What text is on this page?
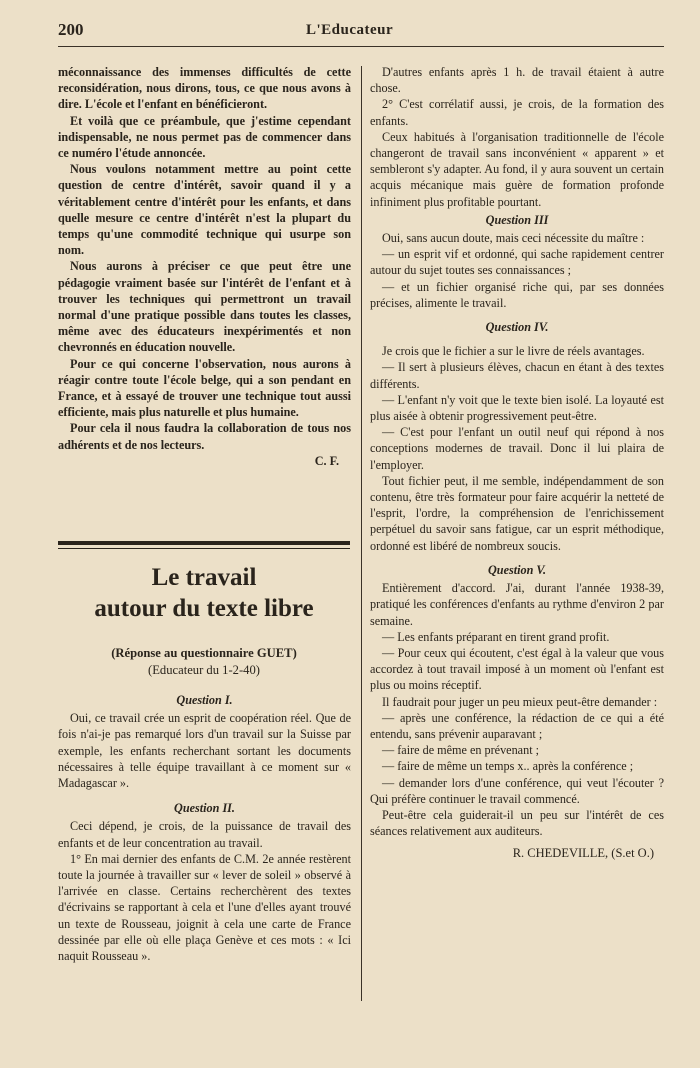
200	L'Educateur

méconnaissance des immenses difficultés de cette reconsidération, nous dirons, tous, ce que nous avons à dire. L'école et l'enfant en bénéficieront.

Et voilà que ce préambule, que j'estime cependant indispensable, ne nous permet pas de commencer dans ce numéro l'étude annoncée.

Nous voulons notamment mettre au point cette question de centre d'intérêt, savoir quand il y a véritablement centre d'intérêt pour les enfants, et dans quelle mesure ce centre d'intérêt n'est la plupart du temps qu'une commodité technique qui usurpe son nom.

Nous aurons à préciser ce que peut être une pédagogie vraiment basée sur l'intérêt de l'enfant et à trouver les techniques qui permettront un travail normal d'une pratique possible dans toutes les classes, même avec des éducateurs inexpérimentés et non chevronnés en éducation nouvelle.

Pour ce qui concerne l'observation, nous aurons à réagir contre toute l'école belge, qui a son pendant en France, et à essayé de trouver une technique tout aussi efficiente, mais plus naturelle et plus humaine.

Pour cela il nous faudra la collaboration de tous nos adhérents et de nos lecteurs.

C. F.
Le travail
autour du texte libre
(Réponse au questionnaire GUET)
(Educateur du 1-2-40)
Question I.

Oui, ce travail crée un esprit de coopération réel. Que de fois n'ai-je pas remarqué lors d'un travail sur la Suisse par exemple, les enfants recherchant sortant les documents nécessaires à telle équipe travaillant à ce moment sur « Madagascar ».

Question II.

Ceci dépend, je crois, de la puissance de travail des enfants et de leur concentration au travail.

1° En mai dernier des enfants de C.M. 2e année restèrent toute la journée à travailler sur « lever de soleil » observé à l'arrivée en classe. Certains recherchèrent des textes d'écrivains se rapportant à cela et l'une d'elles ayant trouvé un texte de Rousseau, joignit à cela une carte de France dessinée par elle où elle plaça Genève et ces mots : « Ici naquit Rousseau ».

D'autres enfants après 1 h. de travail étaient à autre chose.

2° C'est corrélatif aussi, je crois, de la formation des enfants.

Ceux habitués à l'organisation traditionnelle de l'école changeront de travail sans inconvénient « apparent » et sembleront s'y adapter. Au fond, il y aura souvent un certain acquis mécanique mais guère de formation profonde infiniment plus profitable pourtant.

Question III

Oui, sans aucun doute, mais ceci nécessite du maître :

— un esprit vif et ordonné, qui sache rapidement centrer autour du sujet toutes ses connaissances ;

— et un fichier organisé riche qui, par ses données précises, alimente le travail.

Question IV.

Je crois que le fichier a sur le livre de réels avantages.

— Il sert à plusieurs élèves, chacun en étant à des textes différents.

— L'enfant n'y voit que le texte bien isolé. La loyauté est plus aisée à obtenir progressivement peut-être.

— C'est pour l'enfant un outil neuf qui répond à nos conceptions modernes de travail. Donc il lui plaira de l'employer.

Tout fichier peut, il me semble, indépendamment de son contenu, être très formateur pour faire acquérir la netteté de l'esprit, l'ordre, la compréhension de l'enrichissement perpétuel du savoir sans fatigue, car un esprit méthodique, ordonné est libéré de nombreux soucis.

Question V.

Entièrement d'accord. J'ai, durant l'année 1938-39, pratiqué les conférences d'enfants au rythme d'environ 2 par semaine.

— Les enfants préparant en tirent grand profit.

— Pour ceux qui écoutent, c'est égal à la valeur que vous accordez à tout travail imposé à un moment où l'enfant est plus ou moins réceptif.

Il faudrait pour juger un peu mieux peut-être demander :

— après une conférence, la rédaction de ce qui a été entendu, sans prévenir auparavant ;

— faire de même en prévenant ;

— faire de même un temps x.. après la conférence ;

— demander lors d'une conférence, qui veut l'écouter ? Qui préfère continuer le travail commencé.

Peut-être cela guiderait-il un peu sur l'intérêt de ces séances relativement aux auditeurs.

R. CHEDEVILLE, (S.et O.)
